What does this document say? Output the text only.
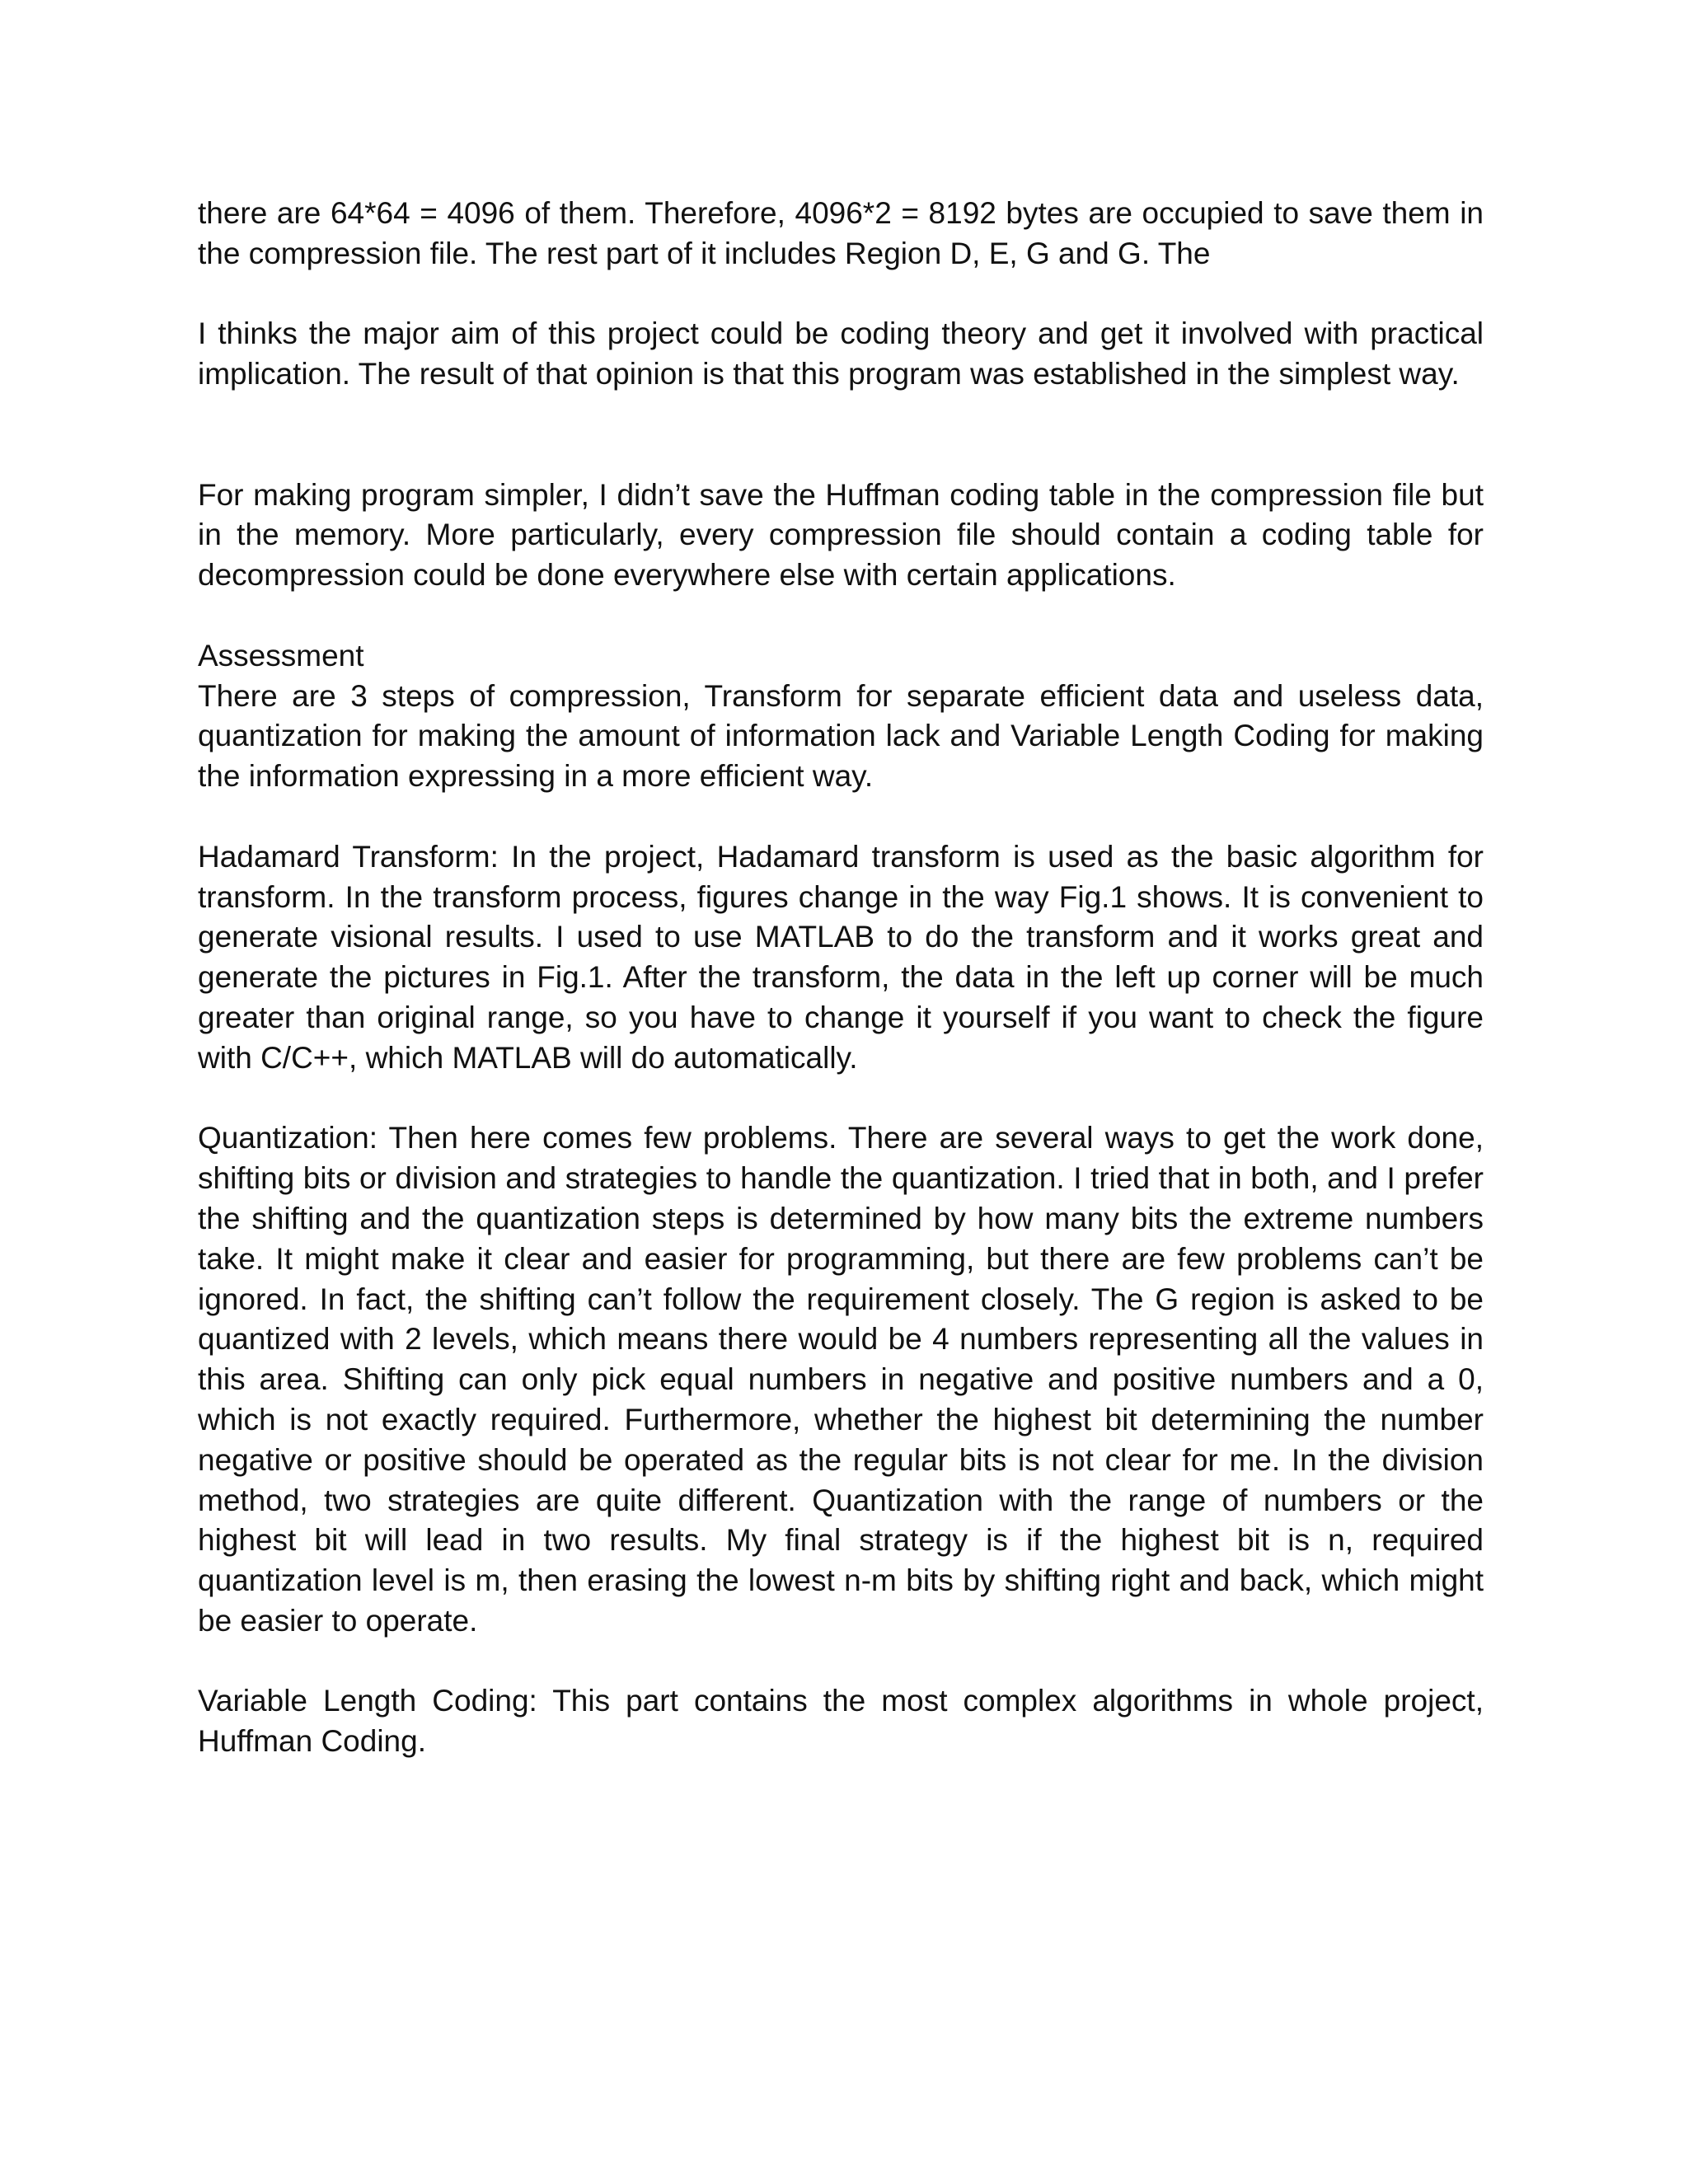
there are 64*64 = 4096 of them. Therefore, 4096*2 = 8192 bytes are occupied to save them in the compression file. The rest part of it includes Region D, E, G and G. The

I thinks the major aim of this project could be coding theory and get it involved with practical implication. The result of that opinion is that this program was established in the simplest way.

For making program simpler, I didn’t save the Huffman coding table in the compression file but in the memory. More particularly, every compression file should contain a coding table for decompression could be done everywhere else with certain applications.

Assessment

There are 3 steps of compression, Transform for separate efficient data and useless data, quantization for making the amount of information lack and Variable Length Coding for making the information expressing in a more efficient way.

Hadamard Transform: In the project, Hadamard transform is used as the basic algorithm for transform. In the transform process, figures change in the way Fig.1 shows. It is convenient to generate visional results. I used to use MATLAB to do the transform and it works great and generate the pictures in Fig.1. After the transform, the data in the left up corner will be much greater than original range, so you have to change it yourself if you want to check the figure with C/C++, which MATLAB will do automatically.

Quantization: Then here comes few problems. There are several ways to get the work done, shifting bits or division and strategies to handle the quantization. I tried that in both, and I prefer the shifting and the quantization steps is determined by how many bits the extreme numbers take. It might make it clear and easier for programming, but there are few problems can’t be ignored. In fact, the shifting can’t follow the requirement closely. The G region is asked to be quantized with 2 levels, which means there would be 4 numbers representing all the values in this area. Shifting can only pick equal numbers in negative and positive numbers and a 0, which is not exactly required. Furthermore, whether the highest bit determining the number negative or positive should be operated as the regular bits is not clear for me. In the division method, two strategies are quite different. Quantization with the range of numbers or the highest bit will lead in two results. My final strategy is if the highest bit is n, required quantization level is m, then erasing the lowest n-m bits by shifting right and back, which might be easier to operate.

Variable Length Coding: This part contains the most complex algorithms in whole project, Huffman Coding.
